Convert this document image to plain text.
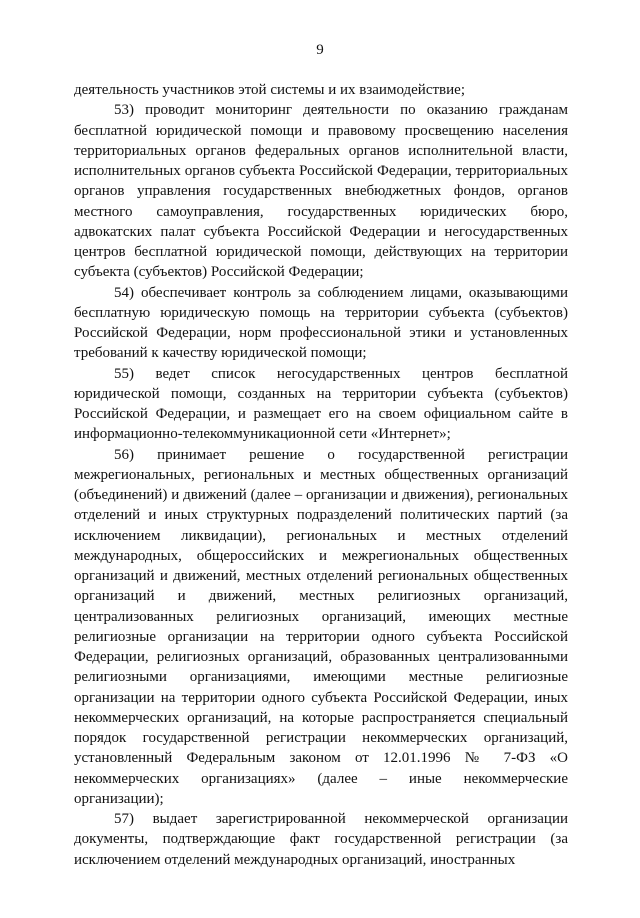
9

деятельность участников этой системы и их взаимодействие;

53) проводит мониторинг деятельности по оказанию гражданам бесплатной юридической помощи и правовому просвещению населения территориальных органов федеральных органов исполнительной власти, исполнительных органов субъекта Российской Федерации, территориальных органов управления государственных внебюджетных фондов, органов местного самоуправления, государственных юридических бюро, адвокатских палат субъекта Российской Федерации и негосударственных центров бесплатной юридической помощи, действующих на территории субъекта (субъектов) Российской Федерации;

54) обеспечивает контроль за соблюдением лицами, оказывающими бесплатную юридическую помощь на территории субъекта (субъектов) Российской Федерации, норм профессиональной этики и установленных требований к качеству юридической помощи;

55) ведет список негосударственных центров бесплатной юридической помощи, созданных на территории субъекта (субъектов) Российской Федерации, и размещает его на своем официальном сайте в информационно-телекоммуникационной сети «Интернет»;

56) принимает решение о государственной регистрации межрегиональных, региональных и местных общественных организаций (объединений) и движений (далее – организации и движения), региональных отделений и иных структурных подразделений политических партий (за исключением ликвидации), региональных и местных отделений международных, общероссийских и межрегиональных общественных организаций и движений, местных отделений региональных общественных организаций и движений, местных религиозных организаций, централизованных религиозных организаций, имеющих местные религиозные организации на территории одного субъекта Российской Федерации, религиозных организаций, образованных централизованными религиозными организациями, имеющими местные религиозные организации на территории одного субъекта Российской Федерации, иных некоммерческих организаций, на которые распространяется специальный порядок государственной регистрации некоммерческих организаций, установленный Федеральным законом от 12.01.1996 № 7-ФЗ «О некоммерческих организациях» (далее – иные некоммерческие организации);

57) выдает зарегистрированной некоммерческой организации документы, подтверждающие факт государственной регистрации (за исключением отделений международных организаций, иностранных
